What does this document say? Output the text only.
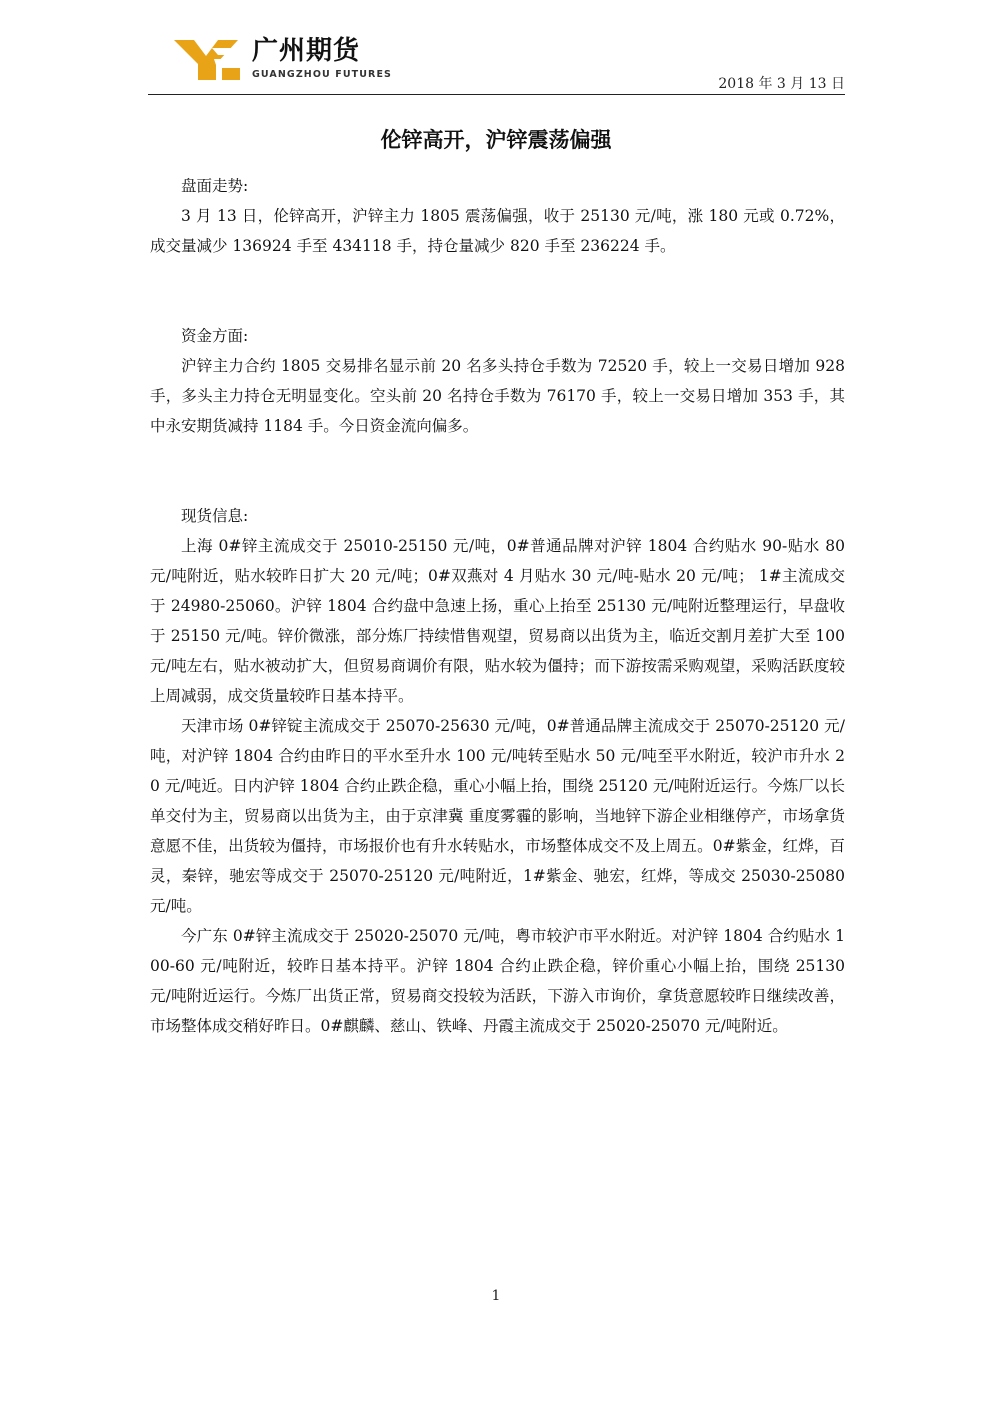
广州期货
GUANGZHOU FUTURES
2018 年 3 月 13 日
伦锌高开，沪锌震荡偏强

盘面走势:

3 月 13 日，伦锌高开，沪锌主力 1805 震荡偏强，收于 25130 元/吨，涨 180 元或 0.72%，成交量减少 136924 手至 434118 手，持仓量减少 820 手至 236224 手。

资金方面:

沪锌主力合约 1805 交易排名显示前 20 名多头持仓手数为 72520 手，较上一交易日增加 928 手，多头主力持仓无明显变化。空头前 20 名持仓手数为 76170 手，较上一交易日增加 353 手，其中永安期货减持 1184 手。今日资金流向偏多。

现货信息:

上海 0#锌主流成交于 25010-25150 元/吨，0#普通品牌对沪锌 1804 合约贴水 90-贴水 80 元/吨附近，贴水较昨日扩大 20 元/吨；0#双燕对 4 月贴水 30 元/吨-贴水 20 元/吨； 1#主流成交于 24980-25060。沪锌 1804 合约盘中急速上扬，重心上抬至 25130 元/吨附近整理运行，早盘收于 25150 元/吨。锌价微涨，部分炼厂持续惜售观望，贸易商以出货为主，临近交割月差扩大至 100 元/吨左右，贴水被动扩大，但贸易商调价有限，贴水较为僵持；而下游按需采购观望，采购活跃度较上周减弱，成交货量较昨日基本持平。

天津市场 0#锌锭主流成交于 25070-25630 元/吨，0#普通品牌主流成交于 25070-25120 元/吨，对沪锌 1804 合约由昨日的平水至升水 100 元/吨转至贴水 50 元/吨至平水附近，较沪市升水 20 元/吨近。日内沪锌 1804 合约止跌企稳，重心小幅上抬，围绕 25120 元/吨附近运行。今炼厂以长单交付为主，贸易商以出货为主，由于京津冀 重度雾霾的影响，当地锌下游企业相继停产，市场拿货意愿不佳，出货较为僵持，市场报价也有升水转贴水，市场整体成交不及上周五。0#紫金，红烨，百灵，秦锌，驰宏等成交于 25070-25120 元/吨附近，1#紫金、驰宏，红烨，等成交 25030-25080 元/吨。

今广东 0#锌主流成交于 25020-25070 元/吨，粤市较沪市平水附近。对沪锌 1804 合约贴水 100-60 元/吨附近，较昨日基本持平。沪锌 1804 合约止跌企稳，锌价重心小幅上抬，围绕 25130 元/吨附近运行。今炼厂出货正常，贸易商交投较为活跃，下游入市询价，拿货意愿较昨日继续改善，市场整体成交稍好昨日。0#麒麟、慈山、铁峰、丹霞主流成交于 25020-25070 元/吨附近。

1
